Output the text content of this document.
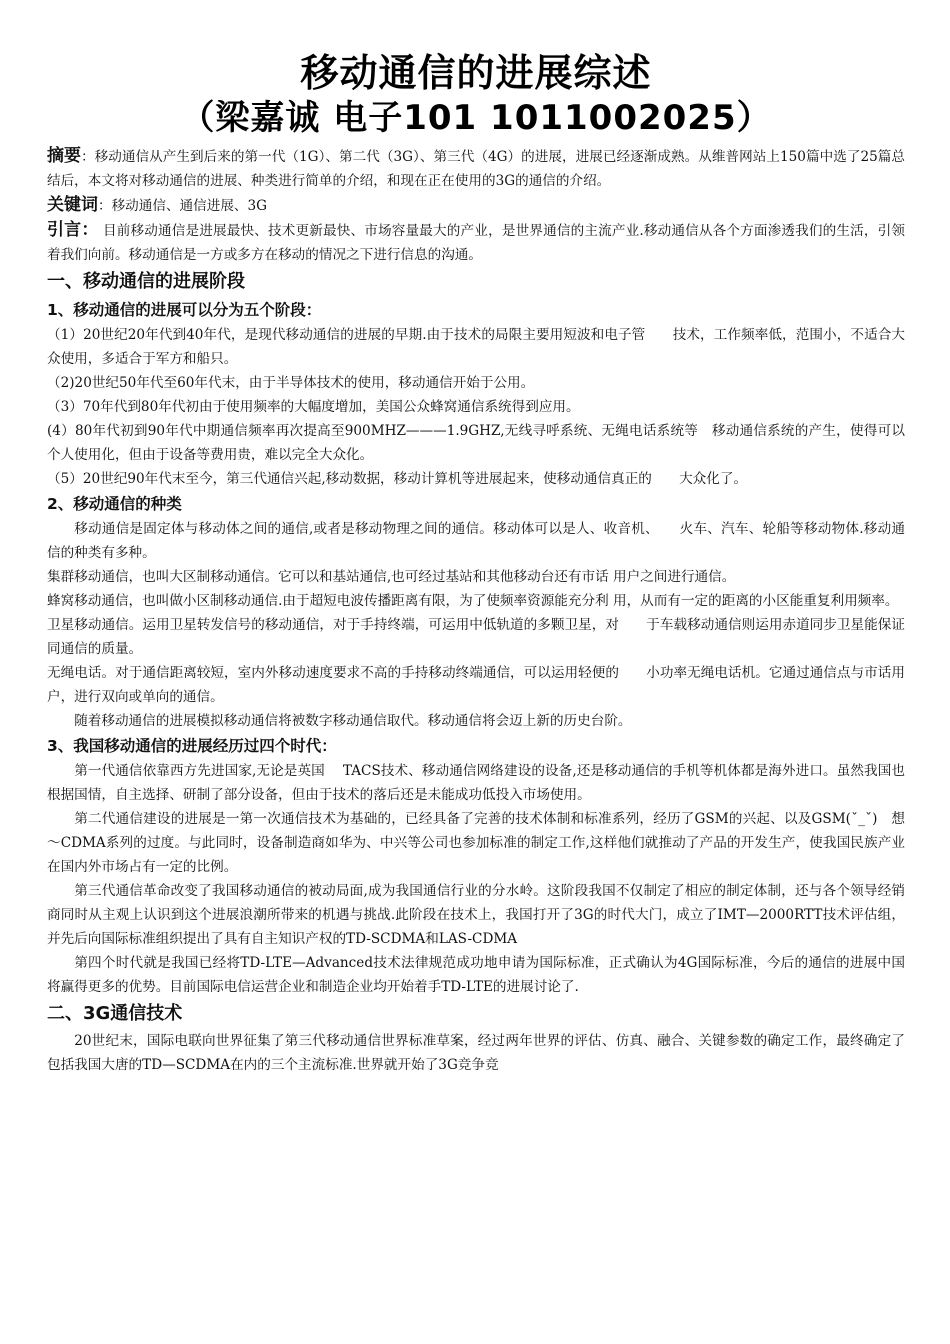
移动通信的进展综述
（梁嘉诚 电子101 1011002025）

摘要：移动通信从产生到后来的第一代（1G）、第二代（3G）、第三代（4G）的进展，进展已经逐渐成熟。从维普网站上150篇中选了25篇总结后，本文将对移动通信的进展、种类进行简单的介绍，和现在正在使用的3G的通信的介绍。

关键词：移动通信、通信进展、3G

引言： 目前移动通信是进展最快、技术更新最快、市场容量最大的产业，是世界通信的主流产业.移动通信从各个方面渗透我们的生活，引领着我们向前。移动通信是一方或多方在移动的情况之下进行信息的沟通。

一、移动通信的进展阶段
1、移动通信的进展可以分为五个阶段：

（1）20世纪20年代到40年代，是现代移动通信的进展的早期.由于技术的局限主要用短波和电子管　　技术，工作频率低，范围小，不适合大众使用，多适合于军方和船只。

（2)20世纪50年代至60年代末，由于半导体技术的使用，移动通信开始于公用。

（3）70年代到80年代初由于使用频率的大幅度增加，美国公众蜂窝通信系统得到应用。

(4）80年代初到90年代中期通信频率再次提高至900MHZ———1.9GHZ,无线寻呼系统、无绳电话系统等　移动通信系统的产生，使得可以个人使用化，但由于设备等费用贵，难以完全大众化。

（5）20世纪90年代末至今，第三代通信兴起,移动数据，移动计算机等进展起来，使移动通信真正的　　大众化了。

2、移动通信的种类

移动通信是固定体与移动体之间的通信,或者是移动物理之间的通信。移动体可以是人、收音机、　　火车、汽车、轮船等移动物体.移动通信的种类有多种。

集群移动通信，也叫大区制移动通信。它可以和基站通信,也可经过基站和其他移动台还有市话 用户之间进行通信。

蜂窝移动通信，也叫做小区制移动通信.由于超短电波传播距离有限，为了使频率资源能充分利 用，从而有一定的距离的小区能重复利用频率。

卫星移动通信。运用卫星转发信号的移动通信，对于手持终端，可运用中低轨道的多颗卫星，对　　于车载移动通信则运用赤道同步卫星能保证同通信的质量。

无绳电话。对于通信距离较短，室内外移动速度要求不高的手持移动终端通信，可以运用轻便的　　小功率无绳电话机。它通过通信点与市话用户，进行双向或单向的通信。

随着移动通信的进展模拟移动通信将被数字移动通信取代。移动通信将会迈上新的历史台阶。

3、我国移动通信的进展经历过四个时代：

第一代通信依靠西方先进国家,无论是英国　 TACS技术、移动通信网络建设的设备,还是移动通信的手机等机体都是海外进口。虽然我国也根据国情，自主选择、研制了部分设备，但由于技术的落后还是未能成功低投入市场使用。

第二代通信建设的进展是一第一次通信技术为基础的，已经具备了完善的技术体制和标准系列，经历了GSM的兴起、以及GSM(ˇ_ˇ)　想～CDMA系列的过度。与此同时，设备制造商如华为、中兴等公司也参加标准的制定工作,这样他们就推动了产品的开发生产，使我国民族产业在国内外市场占有一定的比例。

第三代通信革命改变了我国移动通信的被动局面,成为我国通信行业的分水岭。这阶段我国不仅制定了相应的制定体制，还与各个领导经销商同时从主观上认识到这个进展浪潮所带来的机遇与挑战.此阶段在技术上，我国打开了3G的时代大门，成立了IMT—2000RTT技术评估组，并先后向国际标准组织提出了具有自主知识产权的TD-SCDMA和LAS-CDMA

第四个时代就是我国已经将TD-LTE—Advanced技术法律规范成功地申请为国际标准，正式确认为4G国际标准，今后的通信的进展中国将赢得更多的优势。目前国际电信运营企业和制造企业均开始着手TD-LTE的进展讨论了.

二、3G通信技术

20世纪末，国际电联向世界征集了第三代移动通信世界标准草案，经过两年世界的评估、仿真、融合、关键参数的确定工作，最终确定了包括我国大唐的TD—SCDMA在内的三个主流标准.世界就开始了3G竞争竞
